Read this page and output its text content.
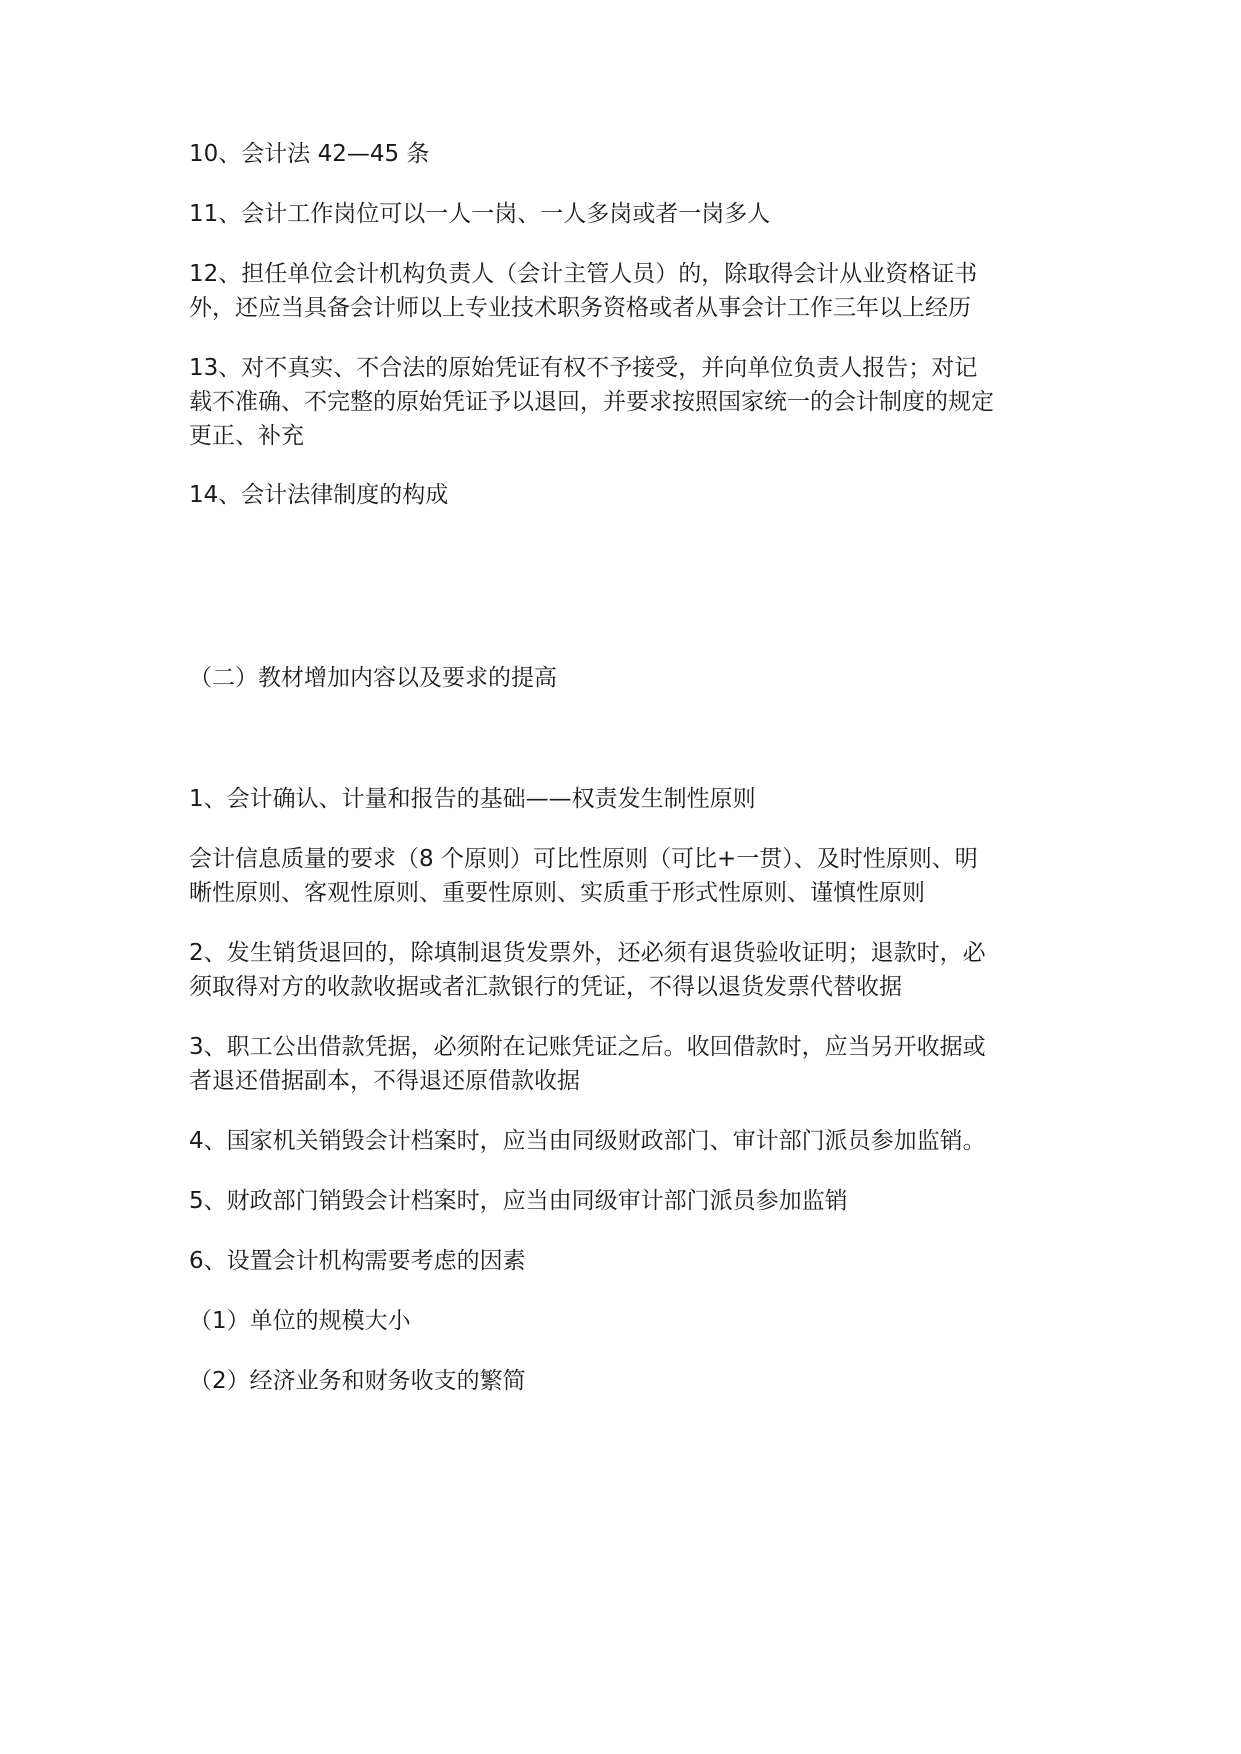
10、会计法 42—45 条

11、会计工作岗位可以一人一岗、一人多岗或者一岗多人

12、担任单位会计机构负责人（会计主管人员）的，除取得会计从业资格证书
外，还应当具备会计师以上专业技术职务资格或者从事会计工作三年以上经历

13、对不真实、不合法的原始凭证有权不予接受，并向单位负责人报告；对记
载不准确、不完整的原始凭证予以退回，并要求按照国家统一的会计制度的规定
更正、补充

14、会计法律制度的构成

（二）教材增加内容以及要求的提高

1、会计确认、计量和报告的基础——权责发生制性原则

会计信息质量的要求（8 个原则）可比性原则（可比+一贯）、及时性原则、明
晰性原则、客观性原则、重要性原则、实质重于形式性原则、谨慎性原则

2、发生销货退回的，除填制退货发票外，还必须有退货验收证明；退款时，必
须取得对方的收款收据或者汇款银行的凭证，不得以退货发票代替收据

3、职工公出借款凭据，必须附在记账凭证之后。收回借款时，应当另开收据或
者退还借据副本，不得退还原借款收据

4、国家机关销毁会计档案时，应当由同级财政部门、审计部门派员参加监销。

5、财政部门销毁会计档案时，应当由同级审计部门派员参加监销

6、设置会计机构需要考虑的因素

（1）单位的规模大小

（2）经济业务和财务收支的繁简
